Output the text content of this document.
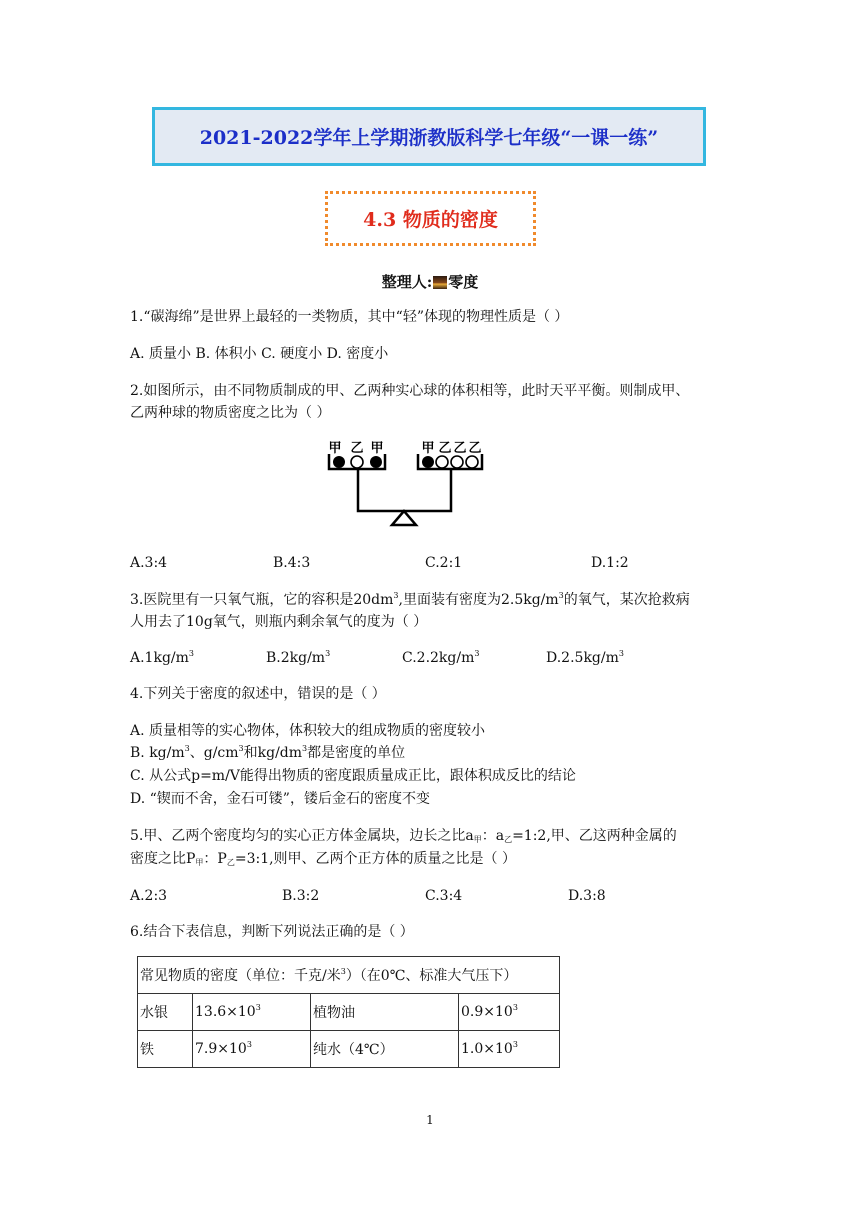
2021-2022学年上学期浙教版科学七年级“一课一练”
4.3 物质的密度
整理人: 零度
1.“碳海绵”是世界上最轻的一类物质，其中“轻”体现的物理性质是（ ）
A. 质量小 B. 体积小 C. 硬度小 D. 密度小
2.如图所示，由不同物质制成的甲、乙两种实心球的体积相等，此时天平平衡。则制成甲、
乙两种球的物质密度之比为（ ）
甲 乙 甲	甲 乙 乙 乙
A.3:4	B.4:3	C.2:1	D.1:2
3.医院里有一只氧气瓶，它的容积是$20dm^3$,里面装有密度为$2.5kg/m^3$的氧气，某次抢救病
人用去了10g氧气，则瓶内剩余氧气的度为（ ）
$A.1kg/m^3$	$B.2kg/m^3$	$C.2.2kg/m^3$	$D.2.5kg/m^3$
4.下列关于密度的叙述中，错误的是（ ）
A. 质量相等的实心物体，体积较大的组成物质的密度较小
B. $kg/m^3$、$g/cm^3$和$kg/dm^3$都是密度的单位
C. 从公式p=m/V能得出物质的密度跟质量成正比，跟体积成反比的结论
D. “锲而不舍，金石可镂”，镂后金石的密度不变
5.甲、乙两个密度均匀的实心正方体金属块，边长之比$a_甲$：$a_乙=1:2$,甲、乙这两种金属的
密度之比$P_甲$：$P_乙=3:1$,则甲、乙两个正方体的质量之比是（ ）
A.2:3	B.3:2	C.3:4	D.3:8
6.结合下表信息，判断下列说法正确的是（ ）
常见物质的密度（单位：千克/米$^3$）（在0℃、标准大气压下）			
水银	$13.6\times 10^3$	植物油	$0.9\times 10^3$
铁	$7.9\times 10^3$	纯水（4℃）	$1.0\times 10^3$
1
